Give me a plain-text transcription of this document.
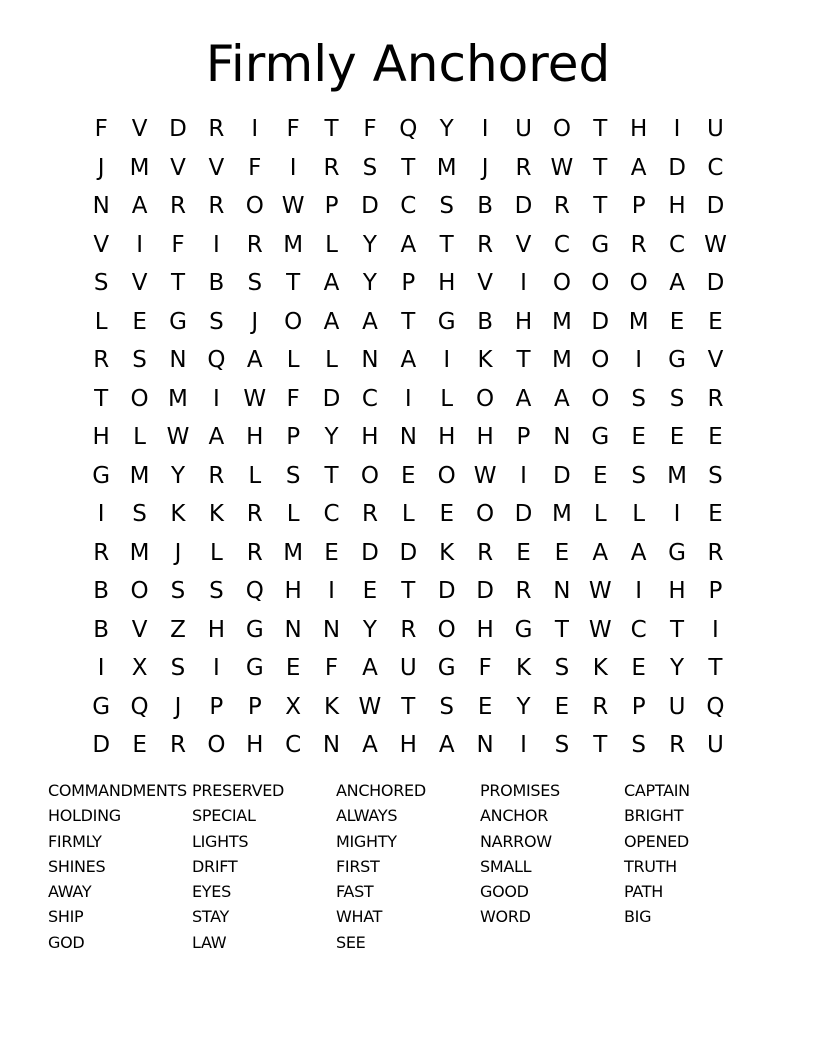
Firmly Anchored
F	V D R	I	F	T	F Q Y	I	U O T H	I	U
J	M V V	F	I	R	S	T M	J	R W T	A D C
N A R R O W P D C	S	B D R	T	P H D
V	I	F	I	R M L	Y	A	T	R V C G R C W
S	V	T	B	S	T	A	Y	P H V	I	O O O A D
L	E G S	J	O A A	T G B H M D M E	E
R	S N Q A	L	L	N A	I	K	T M O	I	G V
T O M	I	W F D C	I	L O A A O S	S	R
H	L W A H P	Y H N H H P N G E	E	E
G M Y	R	L	S	T O E O W	I	D E	S M S
I	S	K	K R	L	C R	L	E O D M L	L	I	E
R M	J	L	R M E D D K R	E	E	A A G R
B O S	S Q H	I	E	T D D R N W	I	H P
B V Z H G N N Y	R O H G T W C	T	I
I	X	S	I	G E	F	A U G F	K	S	K	E	Y	T
G Q	J	P	P	X K W T	S	E	Y	E	R	P	U Q
D E	R O H C N A H A N	I	S	T	S	R U
COMMANDMENTS
HOLDING
FIRMLY
SHINES
AWAY
SHIP
GOD
PRESERVED
SPECIAL
LIGHTS
DRIFT
EYES
STAY
LAW
ANCHORED
ALWAYS
MIGHTY
FIRST
FAST
WHAT
SEE
PROMISES
ANCHOR
NARROW
SMALL
GOOD
WORD
CAPTAIN
BRIGHT
OPENED
TRUTH
PATH
BIG
